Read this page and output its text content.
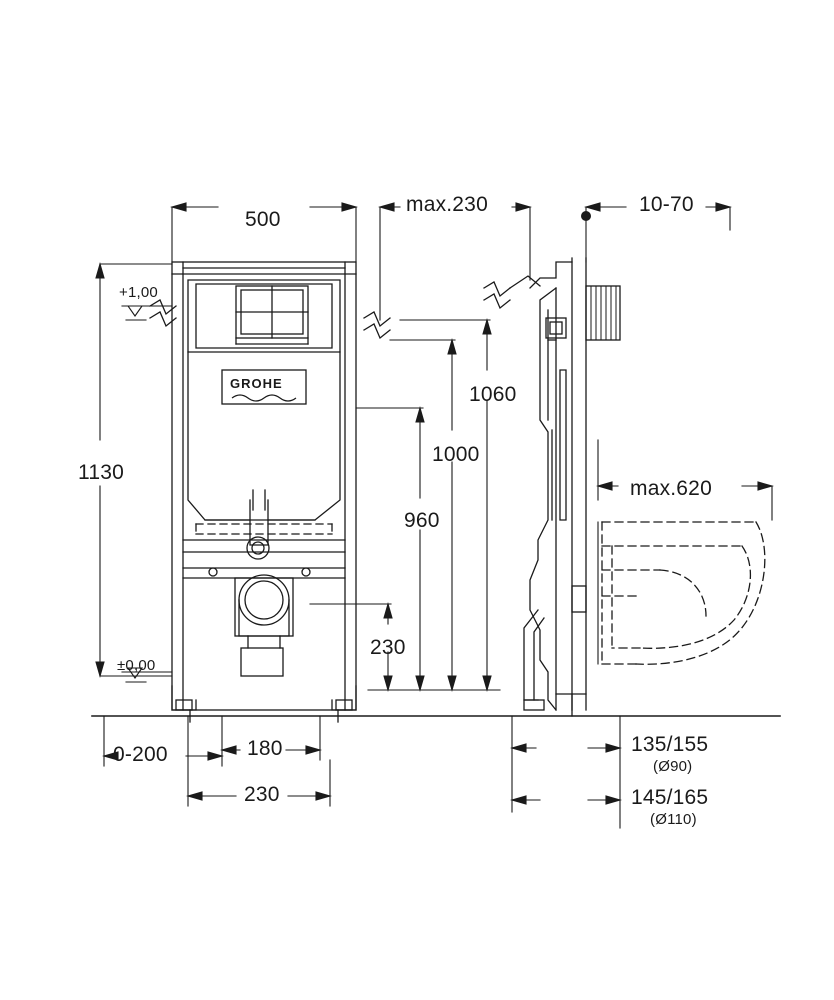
GROHE
500
max.230	10-70
1130
+1,00
±0,00
1060
1000
960
230
max.620
0-200	180
230
135/155
(Ø90)
145/165
(Ø110)
